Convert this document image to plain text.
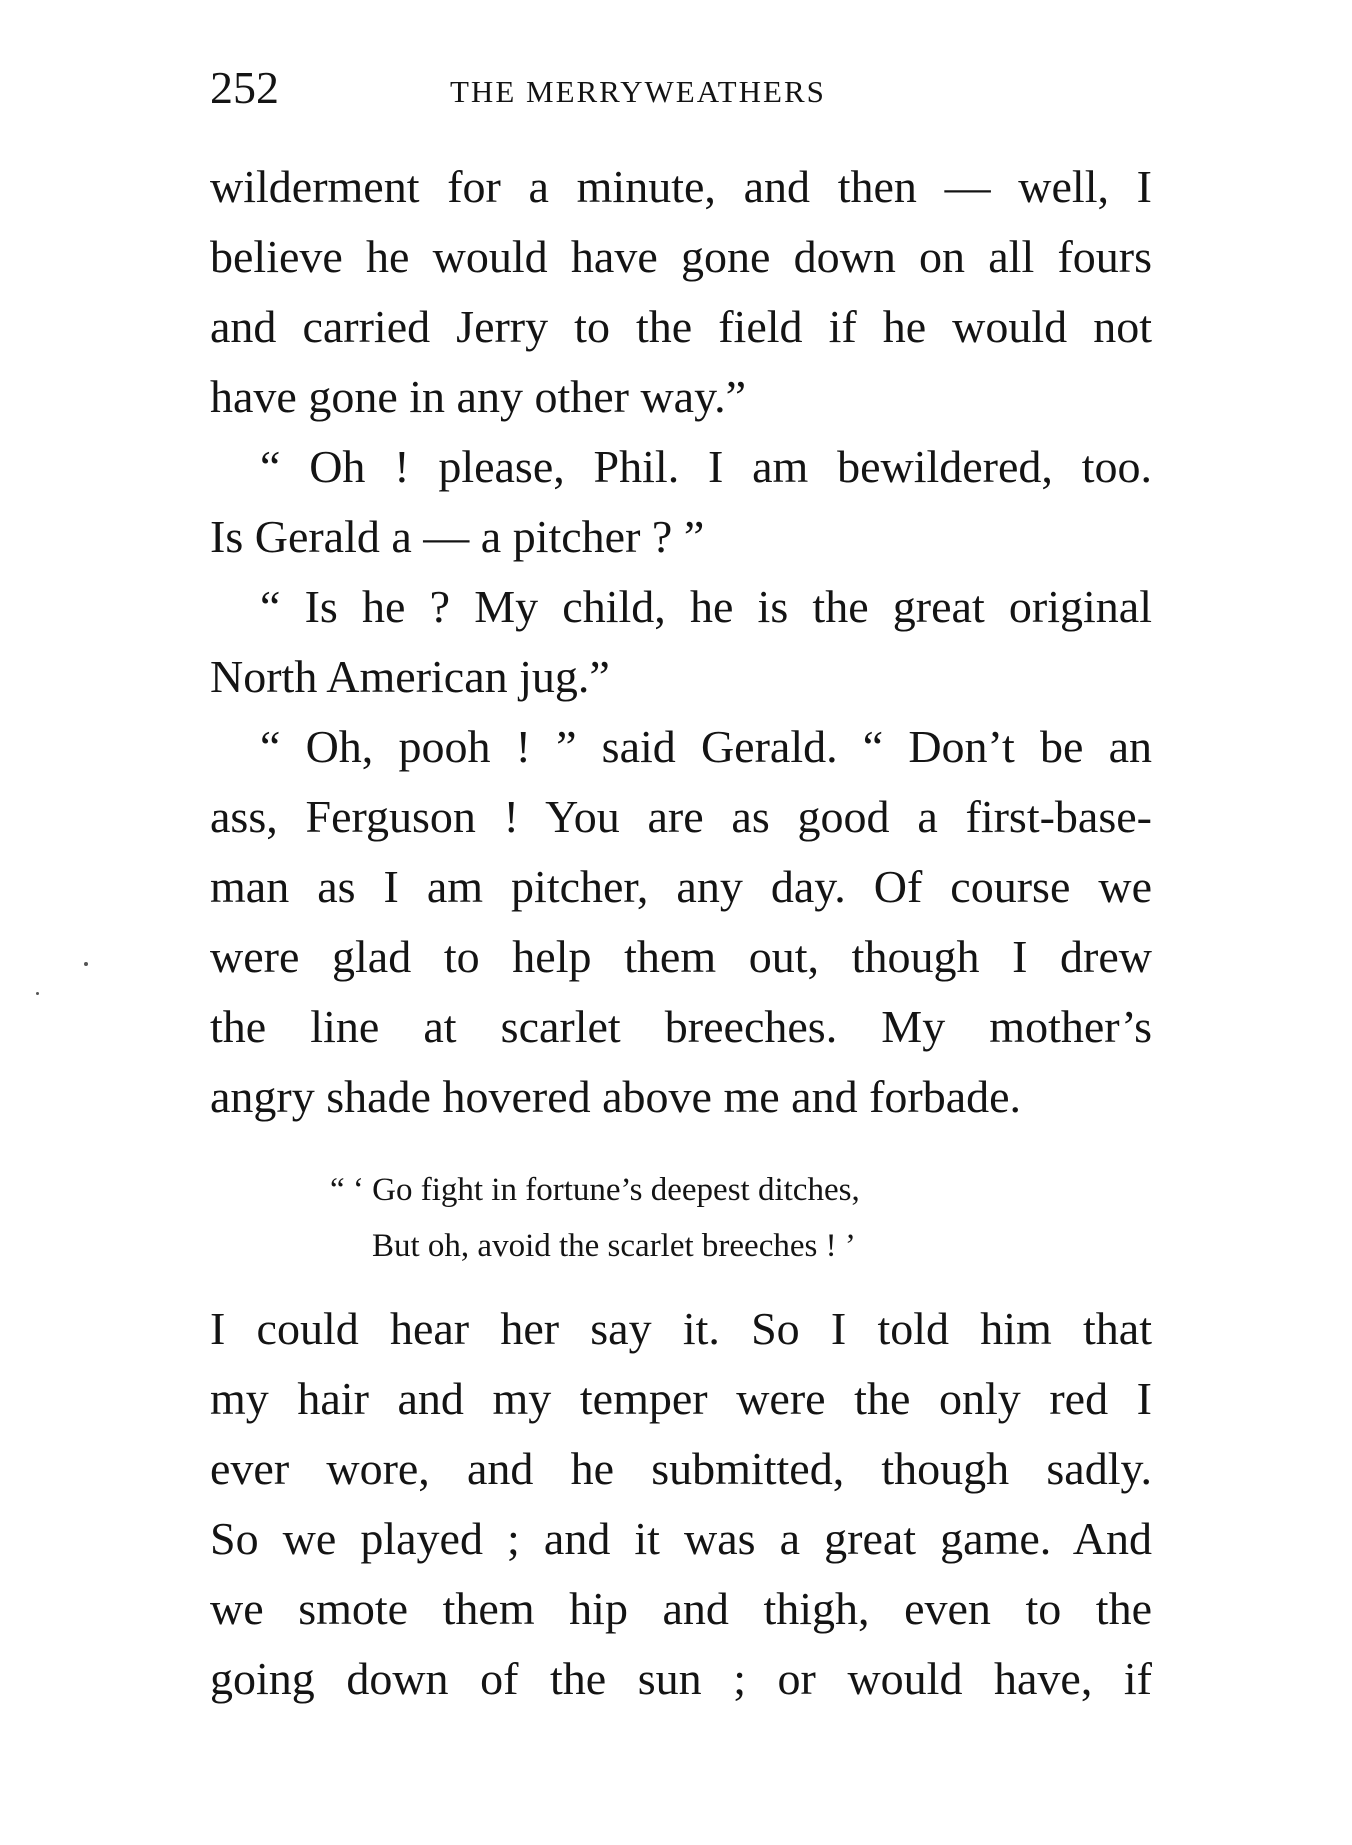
252	THE MERRYWEATHERS
wilderment for a minute, and then — well, I
believe he would have gone down on all fours
and carried Jerry to the field if he would not
have gone in any other way.”
“ Oh ! please, Phil. I am bewildered, too.
Is Gerald a — a pitcher ? ”
“ Is he ? My child, he is the great original
North American jug.”
“ Oh, pooh ! ” said Gerald. “ Don’t be an
ass, Ferguson ! You are as good a first-base-
man as I am pitcher, any day. Of course we
were glad to help them out, though I drew
the line at scarlet breeches. My mother’s
angry shade hovered above me and forbade.
“ ‘ Go fight in fortune’s deepest ditches,
But oh, avoid the scarlet breeches ! ’
I could hear her say it. So I told him that
my hair and my temper were the only red I
ever wore, and he submitted, though sadly.
So we played ; and it was a great game. And
we smote them hip and thigh, even to the
going down of the sun ; or would have, if
